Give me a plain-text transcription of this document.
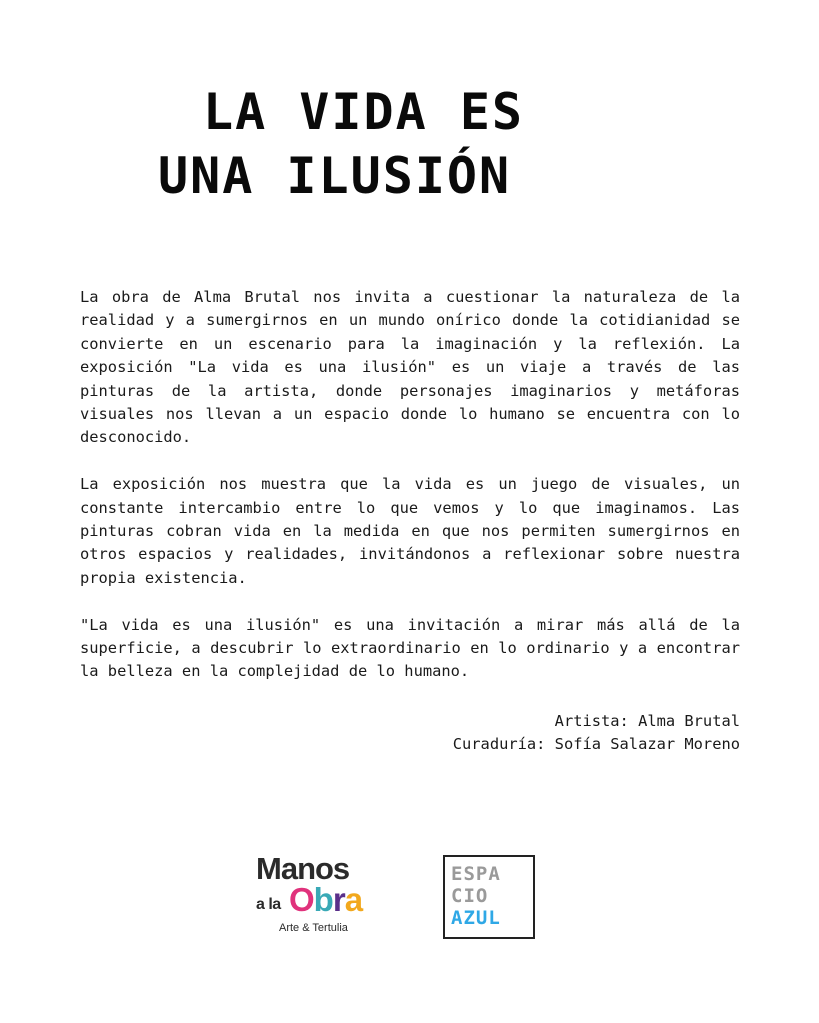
LA VIDA ES
UNA ILUSIÓN

La obra de Alma Brutal nos invita a cuestionar la naturaleza de la realidad y a sumergirnos en un mundo onírico donde la cotidianidad se convierte en un escenario para la imaginación y la reflexión. La exposición "La vida es una ilusión" es un viaje a través de las pinturas de la artista, donde personajes imaginarios y metáforas visuales nos llevan a un espacio donde lo humano se encuentra con lo desconocido.

La exposición nos muestra que la vida es un juego de visuales, un constante intercambio entre lo que vemos y lo que imaginamos. Las pinturas cobran vida en la medida en que nos permiten sumergirnos en otros espacios y realidades, invitándonos a reflexionar sobre nuestra propia existencia.

"La vida es una ilusión" es una invitación a mirar más allá de la superficie, a descubrir lo extraordinario en lo ordinario y a encontrar la belleza en la complejidad de lo humano.

Artista: Alma Brutal
Curaduría: Sofía Salazar Moreno
Manos
a la Obra
Arte & Tertulia
ESPA
CIO
AZUL
